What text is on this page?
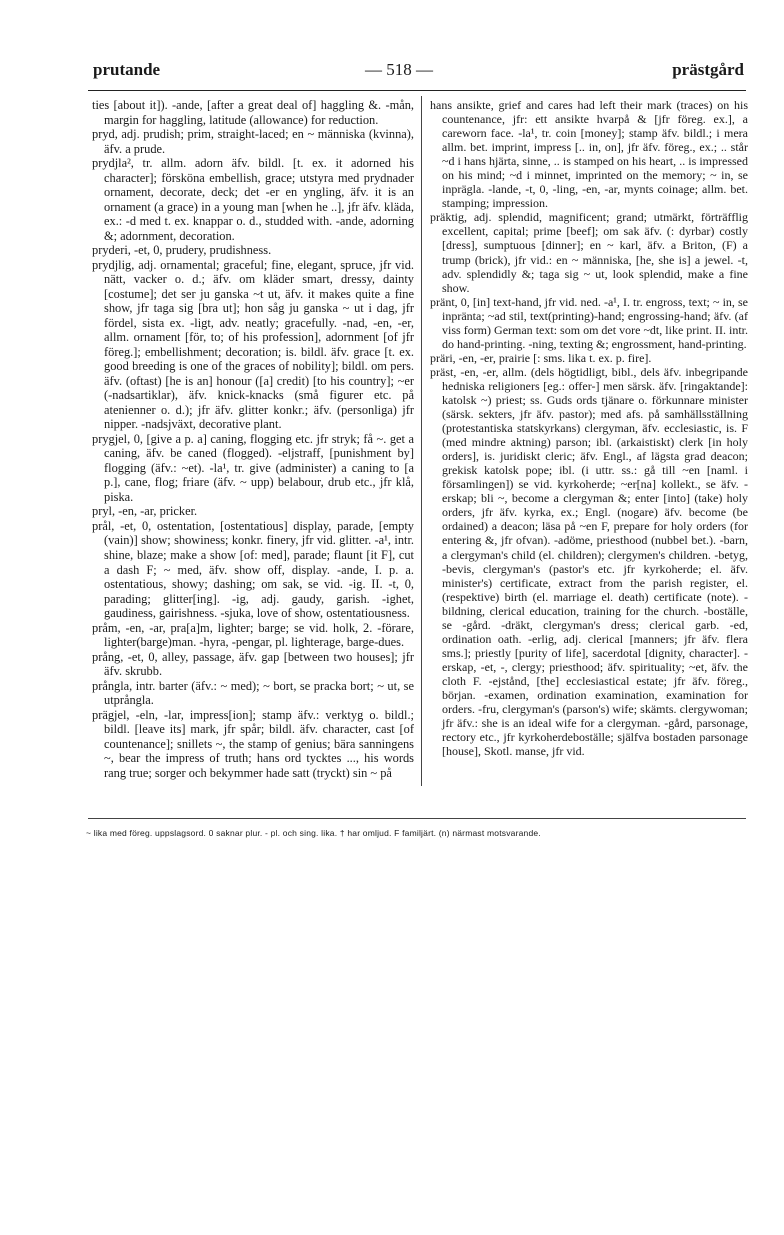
prutande	— 518 —	prästgård

ties [about it]). -ande, [after a great deal of] haggling &. -mån, margin for haggling, latitude (allowance) for reduction.

pryd, adj. prudish; prim, straight-laced; en ~ människa (kvinna), äfv. a prude.

prydjla², tr. allm. adorn äfv. bildl. [t. ex. it adorned his character]; försköna embellish, grace; utstyra med prydnader ornament, decorate, deck; det -er en yngling, äfv. it is an ornament (a grace) in a young man [when he ..], jfr äfv. kläda, ex.: -d med t. ex. knappar o. d., studded with. -ande, adorning &; adornment, decoration.

pryderi, -et, 0, prudery, prudishness.

prydjlig, adj. ornamental; graceful; fine, elegant, spruce, jfr vid. nätt, vacker o. d.; äfv. om kläder smart, dressy, dainty [costume]; det ser ju ganska ~t ut, äfv. it makes quite a fine show, jfr taga sig [bra ut]; hon såg ju ganska ~ ut i dag, jfr fördel, sista ex. -ligt, adv. neatly; gracefully. -nad, -en, -er, allm. ornament [för, to; of his profession], adornment [of jfr föreg.]; embellishment; decoration; is. bildl. äfv. grace [t. ex. good breeding is one of the graces of nobility]; bildl. om pers. äfv. (oftast) [he is an] honour ([a] credit) [to his country]; ~er (-nadsartiklar), äfv. knick-knacks (små figurer etc. på atenienner o. d.); jfr äfv. glitter konkr.; äfv. (personliga) jfr nipper. -nadsjväxt, decorative plant.

prygjel, 0, [give a p. a] caning, flogging etc. jfr stryk; få ~. get a caning, äfv. be caned (flogged). -eljstraff, [punishment by] flogging (äfv.: ~et). -la¹, tr. give (administer) a caning to [a p.], cane, flog; friare (äfv. ~ upp) belabour, drub etc., jfr klå, piska.

pryl, -en, -ar, pricker.

prål, -et, 0, ostentation, [ostentatious] display, parade, [empty (vain)] show; showiness; konkr. finery, jfr vid. glitter. -a¹, intr. shine, blaze; make a show [of: med], parade; flaunt [it F], cut a dash F; ~ med, äfv. show off, display. -ande, I. p. a. ostentatious, showy; dashing; om sak, se vid. -ig. II. -t, 0, parading; glitter[ing]. -ig, adj. gaudy, garish. -ighet, gaudiness, gairishness. -sjuka, love of show, ostentatiousness.

pråm, -en, -ar, pra[a]m, lighter; barge; se vid. holk, 2. -förare, lighter(barge)man. -hyra, -pengar, pl. lighterage, barge-dues.

prång, -et, 0, alley, passage, äfv. gap [between two houses]; jfr äfv. skrubb.

prångla, intr. barter (äfv.: ~ med); ~ bort, se pracka bort; ~ ut, se utprångla.

prägjel, -eln, -lar, impress[ion]; stamp äfv.: verktyg o. bildl.; bildl. [leave its] mark, jfr spår; bildl. äfv. character, cast [of countenance]; snillets ~, the stamp of genius; bära sanningens ~, bear the impress of truth; hans ord tycktes ..., his words rang true; sorger och bekymmer hade satt (tryckt) sin ~ på

hans ansikte, grief and cares had left their mark (traces) on his countenance, jfr: ett ansikte hvarpå & [jfr föreg. ex.], a careworn face. -la¹, tr. coin [money]; stamp äfv. bildl.; i mera allm. bet. imprint, impress [.. in, on], jfr äfv. föreg., ex.; .. står ~d i hans hjärta, sinne, .. is stamped on his heart, .. is impressed on his mind; ~d i minnet, imprinted on the memory; ~ in, se inprägla. -lande, -t, 0, -ling, -en, -ar, mynts coinage; allm. bet. stamping; impression.

präktig, adj. splendid, magnificent; grand; utmärkt, förträfflig excellent, capital; prime [beef]; om sak äfv. (: dyrbar) costly [dress], sumptuous [dinner]; en ~ karl, äfv. a Briton, (F) a trump (brick), jfr vid.: en ~ människa, [he, she is] a jewel. -t, adv. splendidly &; taga sig ~ ut, look splendid, make a fine show.

pränt, 0, [in] text-hand, jfr vid. ned. -a¹, I. tr. engross, text; ~ in, se inpränta; ~ad stil, text(printing)-hand; engrossing-hand; äfv. (af viss form) German text: som om det vore ~dt, like print. II. intr. do hand-printing. -ning, texting &; engrossment, hand-printing.

präri, -en, -er, prairie [: sms. lika t. ex. p. fire].

präst, -en, -er, allm. (dels högtidligt, bibl., dels äfv. inbegripande hedniska religioners [eg.: offer-] men särsk. äfv. [ringaktande]: katolsk ~) priest; ss. Guds ords tjänare o. förkunnare minister (särsk. sekters, jfr äfv. pastor); med afs. på samhällsställning (protestantiska statskyrkans) clergyman, äfv. ecclesiastic, is. F (med mindre aktning) parson; ibl. (arkaistiskt) clerk [in holy orders], is. juridiskt cleric; äfv. Engl., af lägsta grad deacon; grekisk katolsk pope; ibl. (i uttr. ss.: gå till ~en [naml. i församlingen]) se vid. kyrkoherde; ~er[na] kollekt., se äfv. -erskap; bli ~, become a clergyman &; enter [into] (take) holy orders, jfr äfv. kyrka, ex.; Engl. (nogare) äfv. become (be ordained) a deacon; läsa på ~en F, prepare for holy orders (for entering &, jfr ofvan). -adöme, priesthood (nubbel bet.). -barn, a clergyman's child (el. children); clergymen's children. -betyg, -bevis, clergyman's (pastor's etc. jfr kyrkoherde; el. äfv. minister's) certificate, extract from the parish register, el. (respektive) birth (el. marriage el. death) certificate (note). -bildning, clerical education, training for the church. -boställe, se -gård. -dräkt, clergyman's dress; clerical garb. -ed, ordination oath. -erlig, adj. clerical [manners; jfr äfv. flera sms.]; priestly [purity of life], sacerdotal [dignity, character]. -erskap, -et, -, clergy; priesthood; äfv. spirituality; ~et, äfv. the cloth F. -ejstånd, [the] ecclesiastical estate; jfr äfv. föreg., början. -examen, ordination examination, examination for orders. -fru, clergyman's (parson's) wife; skämts. clergywoman; jfr äfv.: she is an ideal wife for a clergyman. -gård, parsonage, rectory etc., jfr kyrkoherdeboställe; själfva bostaden parsonage [house], Skotl. manse, jfr vid.

~ lika med föreg. uppslagsord. 0 saknar plur. - pl. och sing. lika. † har omljud. F familjärt. (n) närmast motsvarande.
